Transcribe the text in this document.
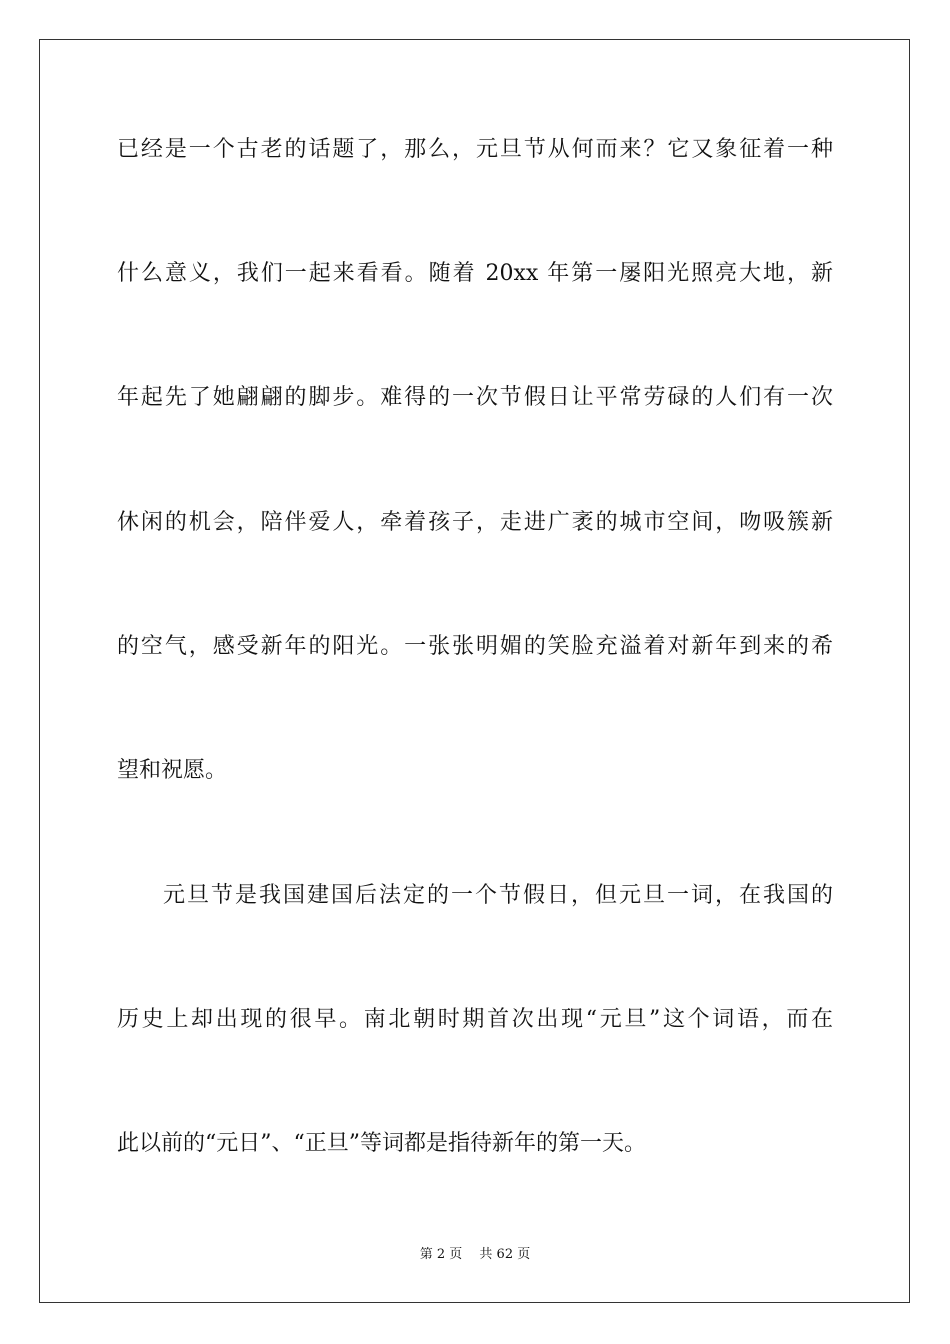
已经是一个古老的话题了，那么，元旦节从何而来？它又象征着一种
什么意义，我们一起来看看。随着 20xx 年第一屡阳光照亮大地，新
年起先了她翩翩的脚步。难得的一次节假日让平常劳碌的人们有一次
休闲的机会，陪伴爱人，牵着孩子，走进广袤的城市空间，吻吸簇新
的空气，感受新年的阳光。一张张明媚的笑脸充溢着对新年到来的希
望和祝愿。
元旦节是我国建国后法定的一个节假日，但元旦一词，在我国的
历史上却出现的很早。南北朝时期首次出现“元旦”这个词语，而在
此以前的“元日”、“正旦”等词都是指待新年的第一天。
第 2 页　 共 62 页
